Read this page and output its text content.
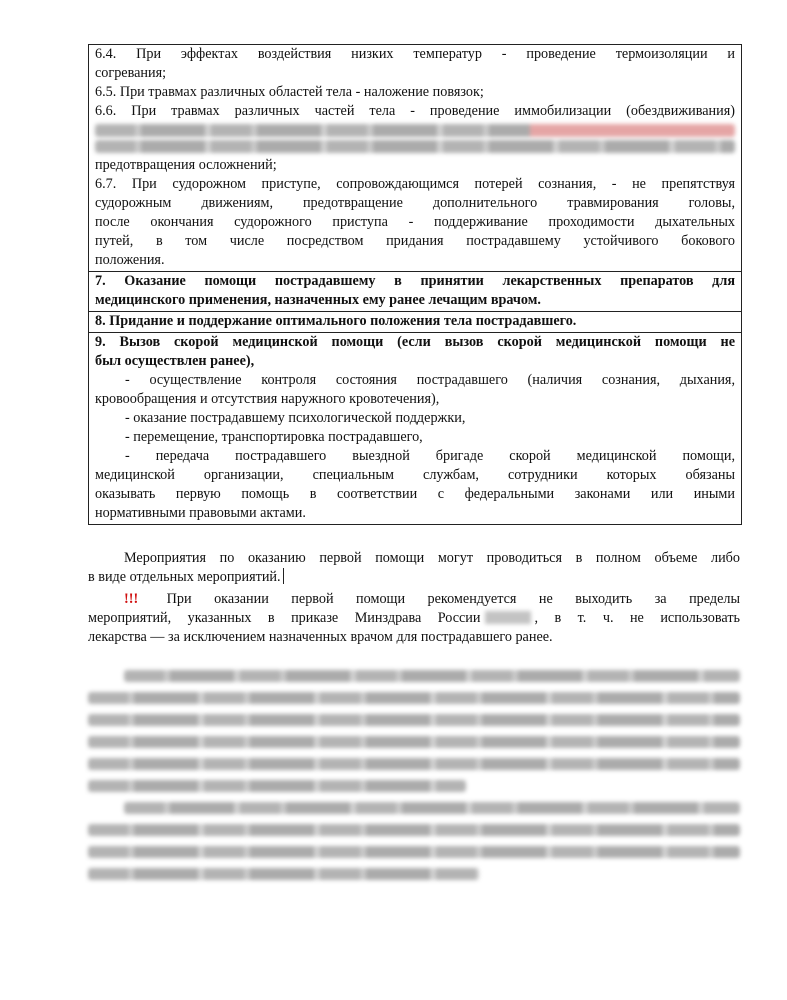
6.4. При эффектах воздействия низких температур - проведение термоизоляции и
согревания;
6.5. При травмах различных областей тела - наложение повязок;
6.6. При травмах различных частей тела - проведение иммобилизации (обездвиживания)
предотвращения осложнений;
6.7. При судорожном приступе, сопровождающимся потерей сознания, - не препятствуя
судорожным движениям, предотвращение дополнительного травмирования головы,
после окончания судорожного приступа - поддерживание проходимости дыхательных
путей, в том числе посредством придания пострадавшему устойчивого бокового
положения.
7. Оказание помощи пострадавшему в принятии лекарственных препаратов для
медицинского применения, назначенных ему ранее лечащим врачом.
8. Придание и поддержание оптимального положения тела пострадавшего.
9. Вызов скорой медицинской помощи (если вызов скорой медицинской помощи не
был осуществлен ранее),
- осуществление контроля состояния пострадавшего (наличия сознания, дыхания,
кровообращения и отсутствия наружного кровотечения),
- оказание пострадавшему психологической поддержки,
- перемещение, транспортировка пострадавшего,
- передача пострадавшего выездной бригаде скорой медицинской помощи,
медицинской организации, специальным службам, сотрудники которых обязаны
оказывать первую помощь в соответствии с федеральными законами или иными
нормативными правовыми актами.
Мероприятия по оказанию первой помощи могут проводиться в полном объеме либо
в виде отдельных мероприятий.
!!! При оказании первой помощи рекомендуется не выходить за пределы
мероприятий, указанных в приказе Минздрава России	, в т. ч. не использовать
лекарства — за исключением назначенных врачом для пострадавшего ранее.
